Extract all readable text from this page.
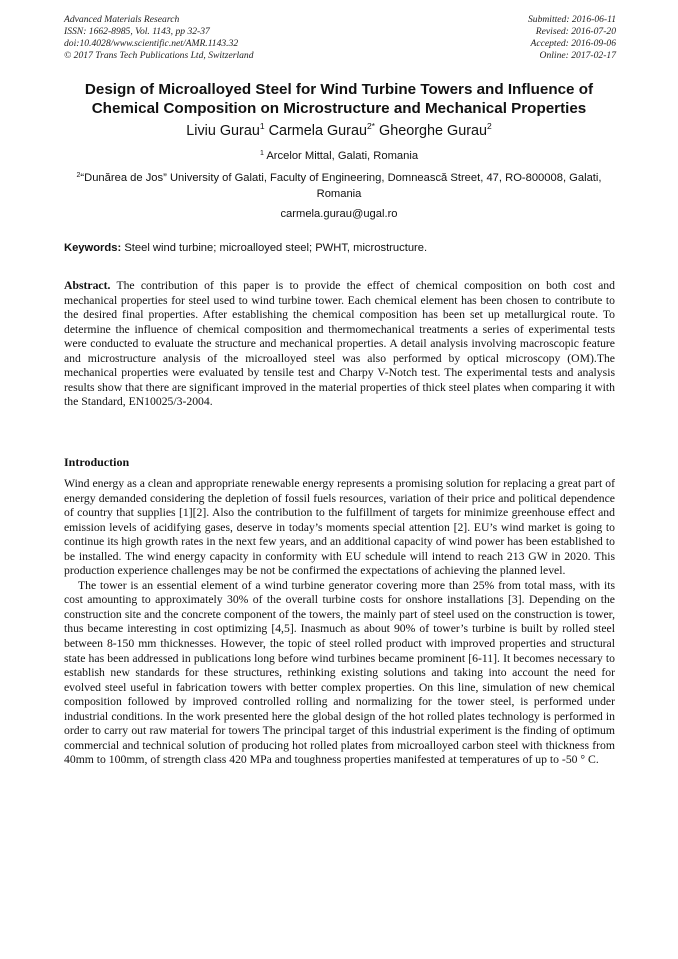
Advanced Materials Research
ISSN: 1662-8985, Vol. 1143, pp 32-37
doi:10.4028/www.scientific.net/AMR.1143.32
© 2017 Trans Tech Publications Ltd, Switzerland
Submitted: 2016-06-11
Revised: 2016-07-20
Accepted: 2016-09-06
Online: 2017-02-17
Design of Microalloyed Steel for Wind Turbine Towers and Influence of
Chemical Composition on Microstructure and Mechanical Properties
Liviu Gurau$^1$ Carmela Gurau$^{2*}$ Gheorghe Gurau$^2$
$^1$ Arcelor Mittal, Galati, Romania
$^2$“Dunărea de Jos” University of Galati, Faculty of Engineering, Domnească Street, 47, RO-800008, Galati, Romania
carmela.gurau@ugal.ro
Keywords: Steel wind turbine; microalloyed steel; PWHT, microstructure.
Abstract. The contribution of this paper is to provide the effect of chemical composition on both cost and mechanical properties for steel used to wind turbine tower. Each chemical element has been chosen to contribute to the desired final properties. After establishing the chemical composition has been set up metallurgical route. To determine the influence of chemical composition and thermomechanical treatments a series of experimental tests were conducted to evaluate the structure and mechanical properties. A detail analysis involving macroscopic feature and microstructure analysis of the microalloyed steel was also performed by optical microscopy (OM).The mechanical properties were evaluated by tensile test and Charpy V-Notch test. The experimental tests and analysis results show that there are significant improved in the material properties of thick steel plates when comparing it with the Standard, EN10025/3-2004.
Introduction

Wind energy as a clean and appropriate renewable energy represents a promising solution for replacing a great part of energy demanded considering the depletion of fossil fuels resources, variation of their price and political dependence of country that supplies [1][2]. Also the contribution to the fulfillment of targets for minimize greenhouse effect and emission levels of acidifying gases, deserve in today’s moments special attention [2]. EU’s wind market is going to continue its high growth rates in the next few years, and an additional capacity of wind power has been established to be installed. The wind energy capacity in conformity with EU schedule will intend to reach 213 GW in 2020. This production experience challenges may be not be confirmed the expectations of achieving the planned level.

The tower is an essential element of a wind turbine generator covering more than 25% from total mass, with its cost amounting to approximately 30% of the overall turbine costs for onshore installations [3]. Depending on the construction site and the concrete component of the towers, the mainly part of steel used on the construction is tower, thus became interesting in cost optimizing [4,5]. Inasmuch as about 90% of tower’s turbine is built by rolled steel between 8-150 mm thicknesses. However, the topic of steel rolled product with improved properties and structural state has been addressed in publications long before wind turbines became prominent [6-11]. It becomes necessary to establish new standards for these structures, rethinking existing solutions and taking into account the need for evolved steel useful in fabrication towers with better complex properties. On this line, simulation of new chemical composition followed by improved controlled rolling and normalizing for the tower steel, is performed under industrial conditions. In the work presented here the global design of the hot rolled plates technology is performed in order to carry out raw material for towers The principal target of this industrial experiment is the finding of optimum commercial and technical solution of producing hot rolled plates from microalloyed carbon steel with thickness from 40mm to 100mm, of strength class 420 MPa and toughness properties manifested at temperatures of up to -50 ° C.
